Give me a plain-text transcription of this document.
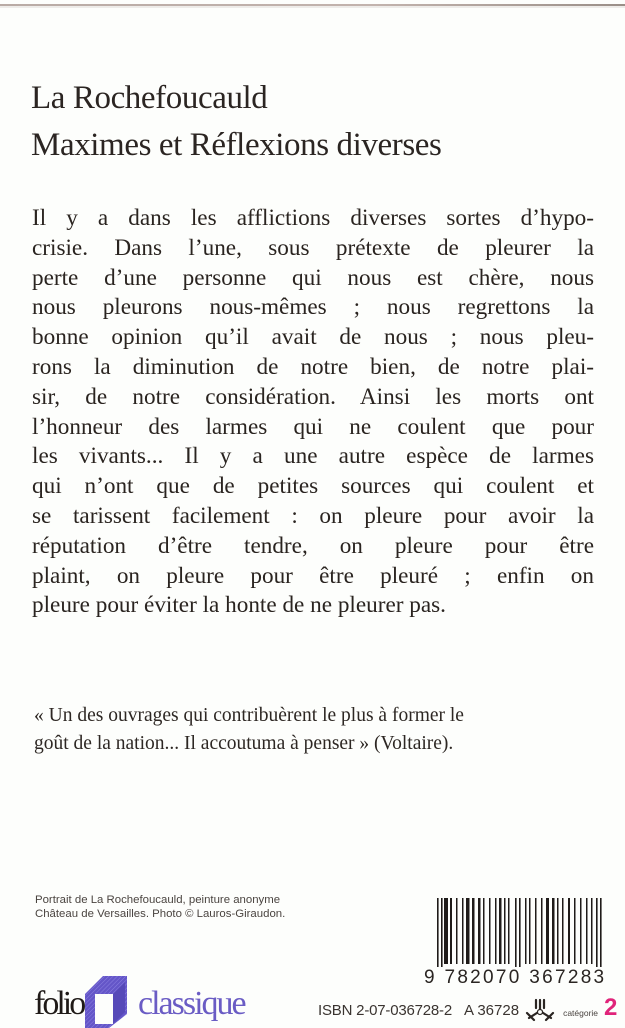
La Rochefoucauld
Maximes et Réflexions diverses
Il y a dans les afflictions diverses sortes d’hypo-
crisie. Dans l’une, sous prétexte de pleurer la
perte d’une personne qui nous est chère, nous
nous pleurons nous-mêmes ; nous regrettons la
bonne opinion qu’il avait de nous ; nous pleu-
rons la diminution de notre bien, de notre plai-
sir, de notre considération. Ainsi les morts ont
l’honneur des larmes qui ne coulent que pour
les vivants... Il y a une autre espèce de larmes
qui n’ont que de petites sources qui coulent et
se tarissent facilement : on pleure pour avoir la
réputation d’être tendre, on pleure pour être
plaint, on pleure pour être pleuré ; enfin on
pleure pour éviter la honte de ne pleurer pas.
« Un des ouvrages qui contribuèrent le plus à former le
goût de la nation... Il accoutuma à penser » (Voltaire).
Portrait de La Rochefoucauld, peinture anonyme
Château de Versailles. Photo © Lauros-Giraudon.
folio classique
9 782070 367283
ISBN 2-07-036728-2 A 36728	catégorie 2
